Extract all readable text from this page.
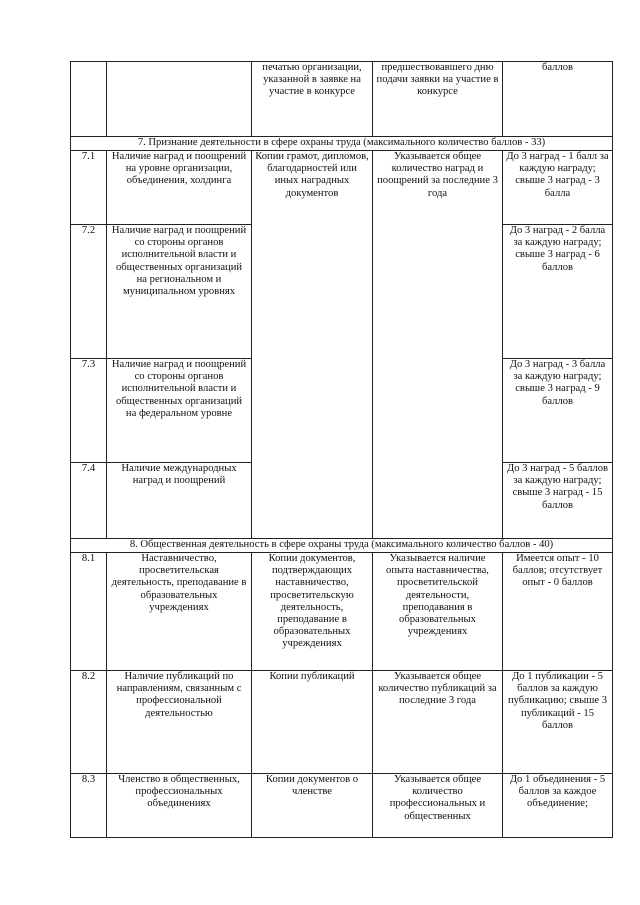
		печатью организации, указанной в заявке на участие в конкурсе	предшествовавшего дню подачи заявки на участие в конкурсе	баллов
7. Признание деятельности в сфере охраны труда (максимального количество баллов - 33)				
7.1	Наличие наград и поощрений на уровне организации, объединения, холдинга	Копии грамот, дипломов, благодарностей или иных наградных документов	Указывается общее количество наград и поощрений за последние 3 года	До 3 наград - 1 балл за каждую награду; свыше 3 наград - 3 балла
7.2	Наличие наград и поощрений со стороны органов исполнительной власти и общественных организаций на региональном и муниципальном уровнях			До 3 наград - 2 балла за каждую награду; свыше 3 наград - 6 баллов
7.3	Наличие наград и поощрений со стороны органов исполнительной власти и общественных организаций на федеральном уровне			До 3 наград - 3 балла за каждую награду; свыше 3 наград - 9 баллов
7.4	Наличие международных наград и поощрений			До 3 наград - 5 баллов за каждую награду; свыше 3 наград - 15 баллов
8. Общественная деятельность в сфере охраны труда (максимального количество баллов - 40)				
8.1	Наставничество, просветительская деятельность, преподавание в образовательных учреждениях	Копии документов, подтверждающих наставничество, просветительскую деятельность, преподавание в образовательных учреждениях	Указывается наличие опыта наставничества, просветительской деятельности, преподавания в образовательных учреждениях	Имеется опыт - 10 баллов; отсутствует опыт - 0 баллов
8.2	Наличие публикаций по направлениям, связанным с профессиональной деятельностью	Копии публикаций	Указывается общее количество публикаций за последние 3 года	До 1 публикации - 5 баллов за каждую публикацию; свыше 3 публикаций - 15 баллов
8.3	Членство в общественных, профессиональных объединениях	Копии документов о членстве	Указывается общее количество профессиональных и общественных	До 1 объединения - 5 баллов за каждое объединение;
